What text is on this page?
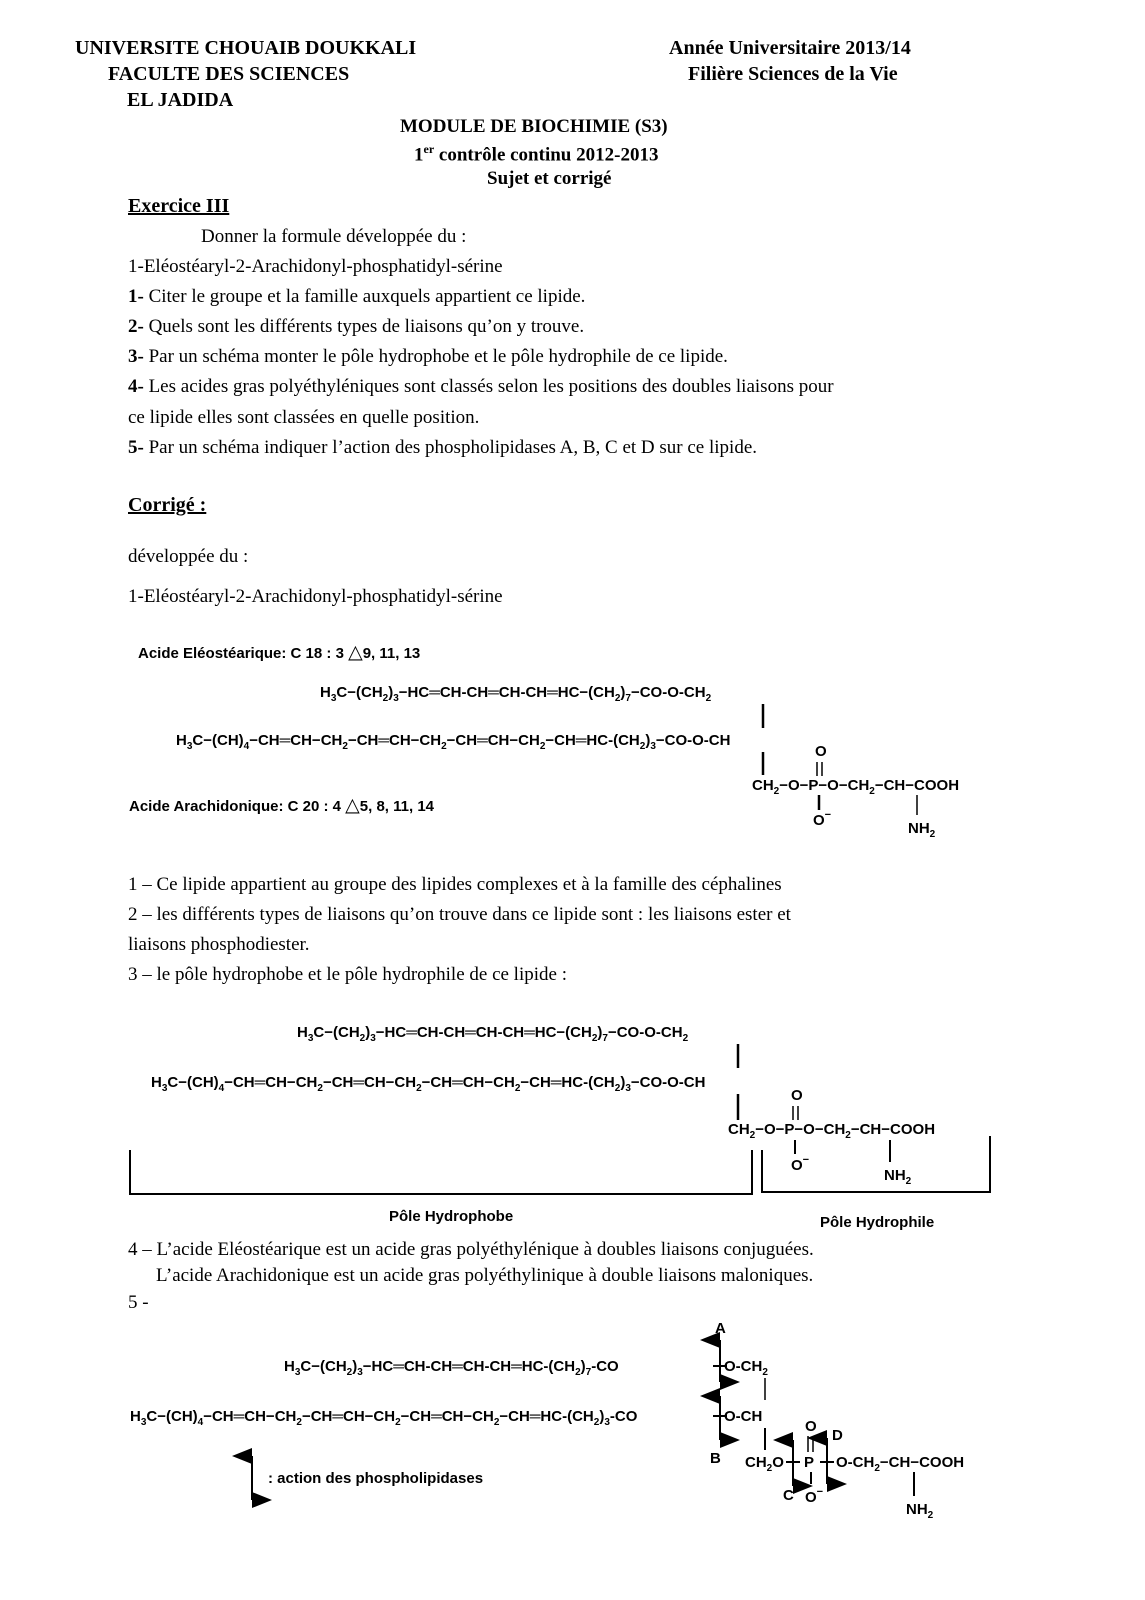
UNIVERSITE CHOUAIB DOUKKALI
FACULTE DES SCIENCES
EL JADIDA
Année Universitaire 2013/14
Filière Sciences de la Vie
MODULE DE BIOCHIMIE (S3)
1er contrôle continu 2012-2013
Sujet et corrigé
Exercice III
Donner la formule développée du :
1-Eléostéaryl-2-Arachidonyl-phosphatidyl-sérine
1- Citer le groupe et la famille auxquels appartient ce lipide.
2- Quels sont les différents types de liaisons qu’on y trouve.
3- Par un schéma monter le pôle hydrophobe et le pôle hydrophile de ce lipide.
4- Les acides gras polyéthyléniques sont classés selon les positions des doubles liaisons pour
ce lipide elles sont classées en quelle position.
5- Par un schéma indiquer l’action des phospholipidases A, B, C et D sur ce lipide.
Corrigé :
développée du :
1-Eléostéaryl-2-Arachidonyl-phosphatidyl-sérine
Acide Eléostéarique: C 18 : 3 △9, 11, 13
Acide Arachidonique: C 20 : 4 △5, 8, 11, 14
$H_3C-(CH_2)_3-HC═CH-CH═CH-CH═HC-(CH_2)_7-CO-O-CH_2$
$H_3C-(CH)_4-CH═CH-CH_2-CH═CH-CH_2-CH═CH-CH_2-CH═HC-(CH_2)_3-CO-O-CH$
O
$CH_2-O-P-O-CH_2-CH-COOH$
O−
$NH_2$
1 – Ce lipide appartient au groupe des lipides complexes et à la famille des céphalines
2 – les différents types de liaisons qu’on trouve dans ce lipide sont : les liaisons ester et
liaisons phosphodiester.
3 – le pôle hydrophobe et le pôle hydrophile de ce lipide :
$H_3C-(CH_2)_3-HC═CH-CH═CH-CH═HC-(CH_2)_7-CO-O-CH_2$
$H_3C-(CH)_4-CH═CH-CH_2-CH═CH-CH_2-CH═CH-CH_2-CH═HC-(CH_2)_3-CO-O-CH$
O
$CH_2-O-P-O-CH_2-CH-COOH$
O−
$NH_2$
Pôle Hydrophobe	Pôle Hydrophile
4 – L’acide Eléostéarique est un acide gras polyéthylénique à doubles liaisons conjuguées.
L’acide Arachidonique est un acide gras polyéthylinique à double liaisons maloniques.
5 -
$H_3C-(CH_2)_3-HC═CH-CH═CH-CH═HC-(CH_2)_7-CO$	$O-CH_2$
$H_3C-(CH)_4-CH═CH-CH_2-CH═CH-CH_2-CH═CH-CH_2-CH═HC-(CH_2)_3-CO$	O-CH
A
B $CH_2O$ P $O-CH_2-CH-COOH$
O
O−
C
D
$NH_2$
: action des phospholipidases
